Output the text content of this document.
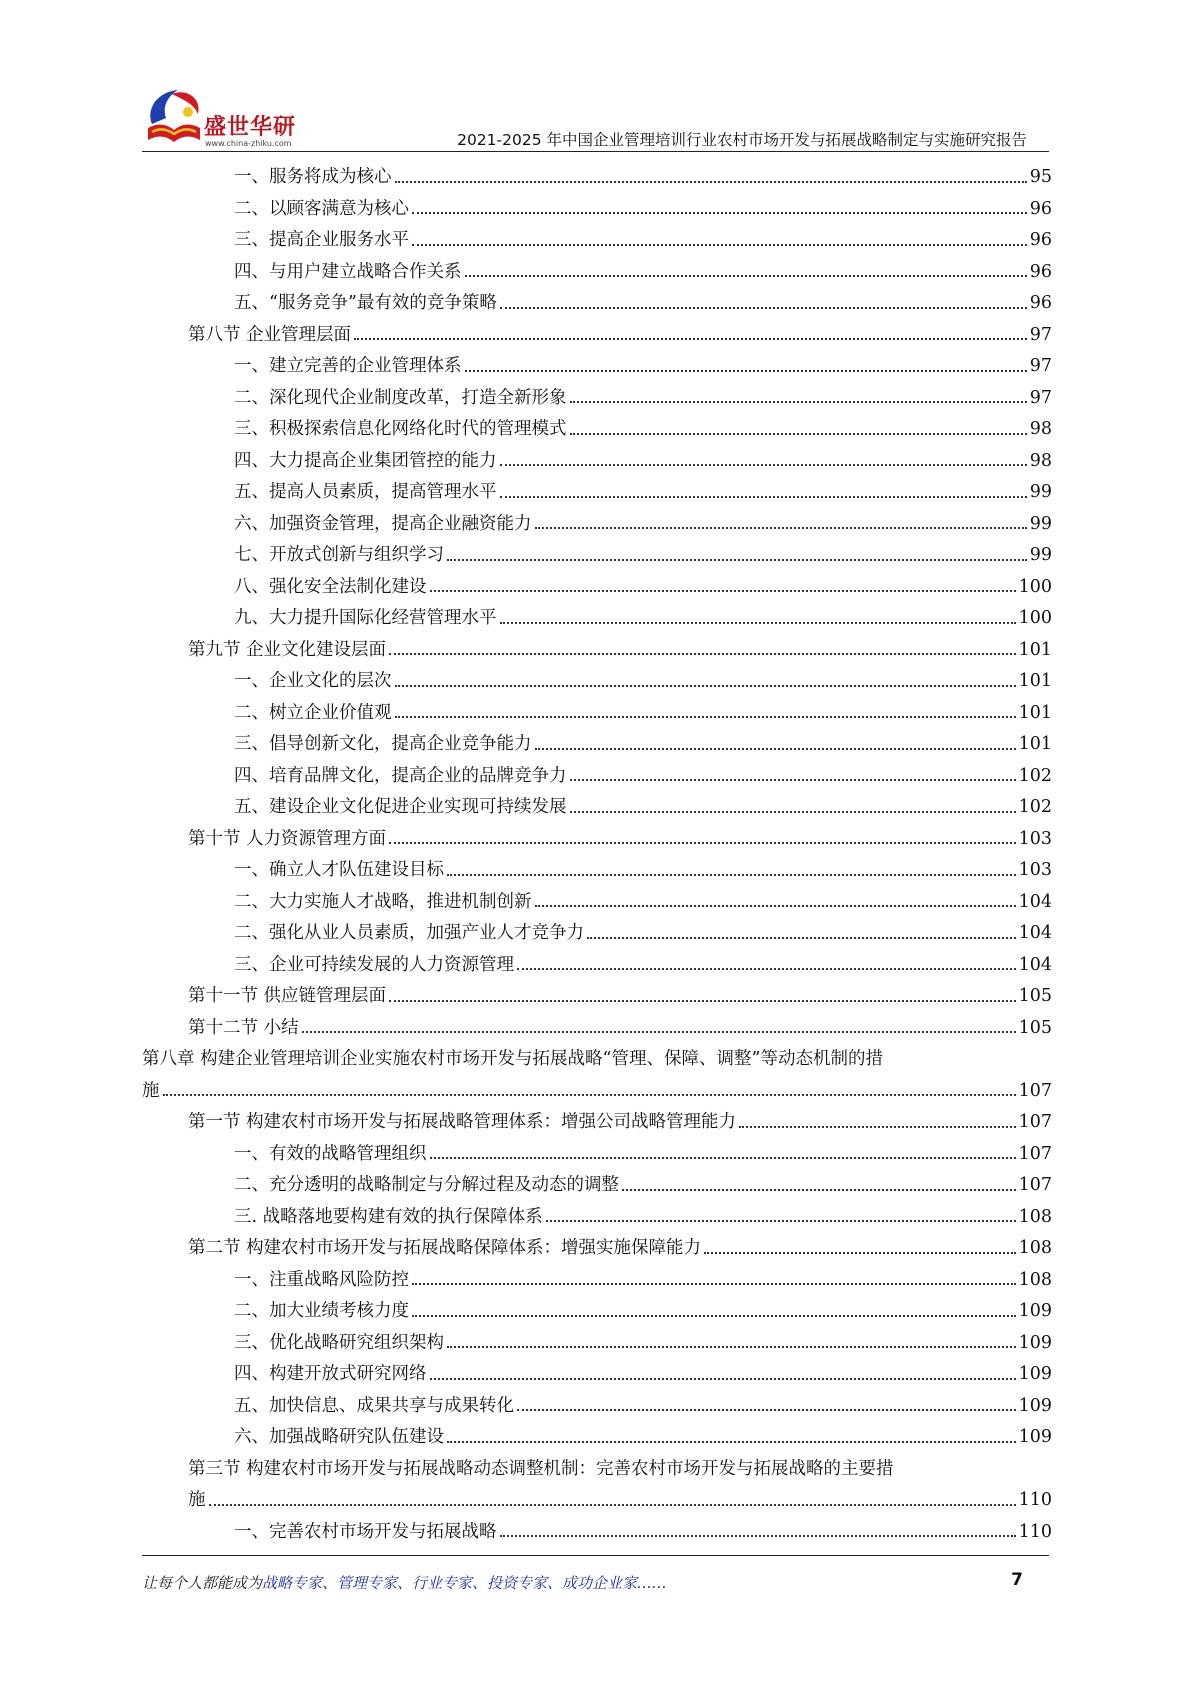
盛世华研
www.china-zhiku.com	2021-2025 年中国企业管理培训行业农村市场开发与拓展战略制定与实施研究报告
一、服务将成为核心	95
二、以顾客满意为核心	96
三、提高企业服务水平	96
四、与用户建立战略合作关系	96
五、“服务竞争”最有效的竞争策略	96
第八节 企业管理层面	97
一、建立完善的企业管理体系	97
二、深化现代企业制度改革，打造全新形象	97
三、积极探索信息化网络化时代的管理模式	98
四、大力提高企业集团管控的能力	98
五、提高人员素质，提高管理水平	99
六、加强资金管理，提高企业融资能力	99
七、开放式创新与组织学习	99
八、强化安全法制化建设	100
九、大力提升国际化经营管理水平	100
第九节 企业文化建设层面	101
一、企业文化的层次	101
二、树立企业价值观	101
三、倡导创新文化，提高企业竞争能力	101
四、培育品牌文化，提高企业的品牌竞争力	102
五、建设企业文化促进企业实现可持续发展	102
第十节 人力资源管理方面	103
一、确立人才队伍建设目标	103
二、大力实施人才战略，推进机制创新	104
二、强化从业人员素质，加强产业人才竞争力	104
三、企业可持续发展的人力资源管理	104
第十一节 供应链管理层面	105
第十二节 小结	105
第八章 构建企业管理培训企业实施农村市场开发与拓展战略“管理、保障、调整”等动态机制的措
施	107
第一节 构建农村市场开发与拓展战略管理体系：增强公司战略管理能力	107
一、有效的战略管理组织	107
二、充分透明的战略制定与分解过程及动态的调整	107
三. 战略落地要构建有效的执行保障体系	108
第二节 构建农村市场开发与拓展战略保障体系：增强实施保障能力	108
一、注重战略风险防控	108
二、加大业绩考核力度	109
三、优化战略研究组织架构	109
四、构建开放式研究网络	109
五、加快信息、成果共享与成果转化	109
六、加强战略研究队伍建设	109
第三节 构建农村市场开发与拓展战略动态调整机制：完善农村市场开发与拓展战略的主要措
施	110
一、完善农村市场开发与拓展战略	110
让每个人都能成为战略专家、管理专家、行业专家、投资专家、成功企业家……	7
